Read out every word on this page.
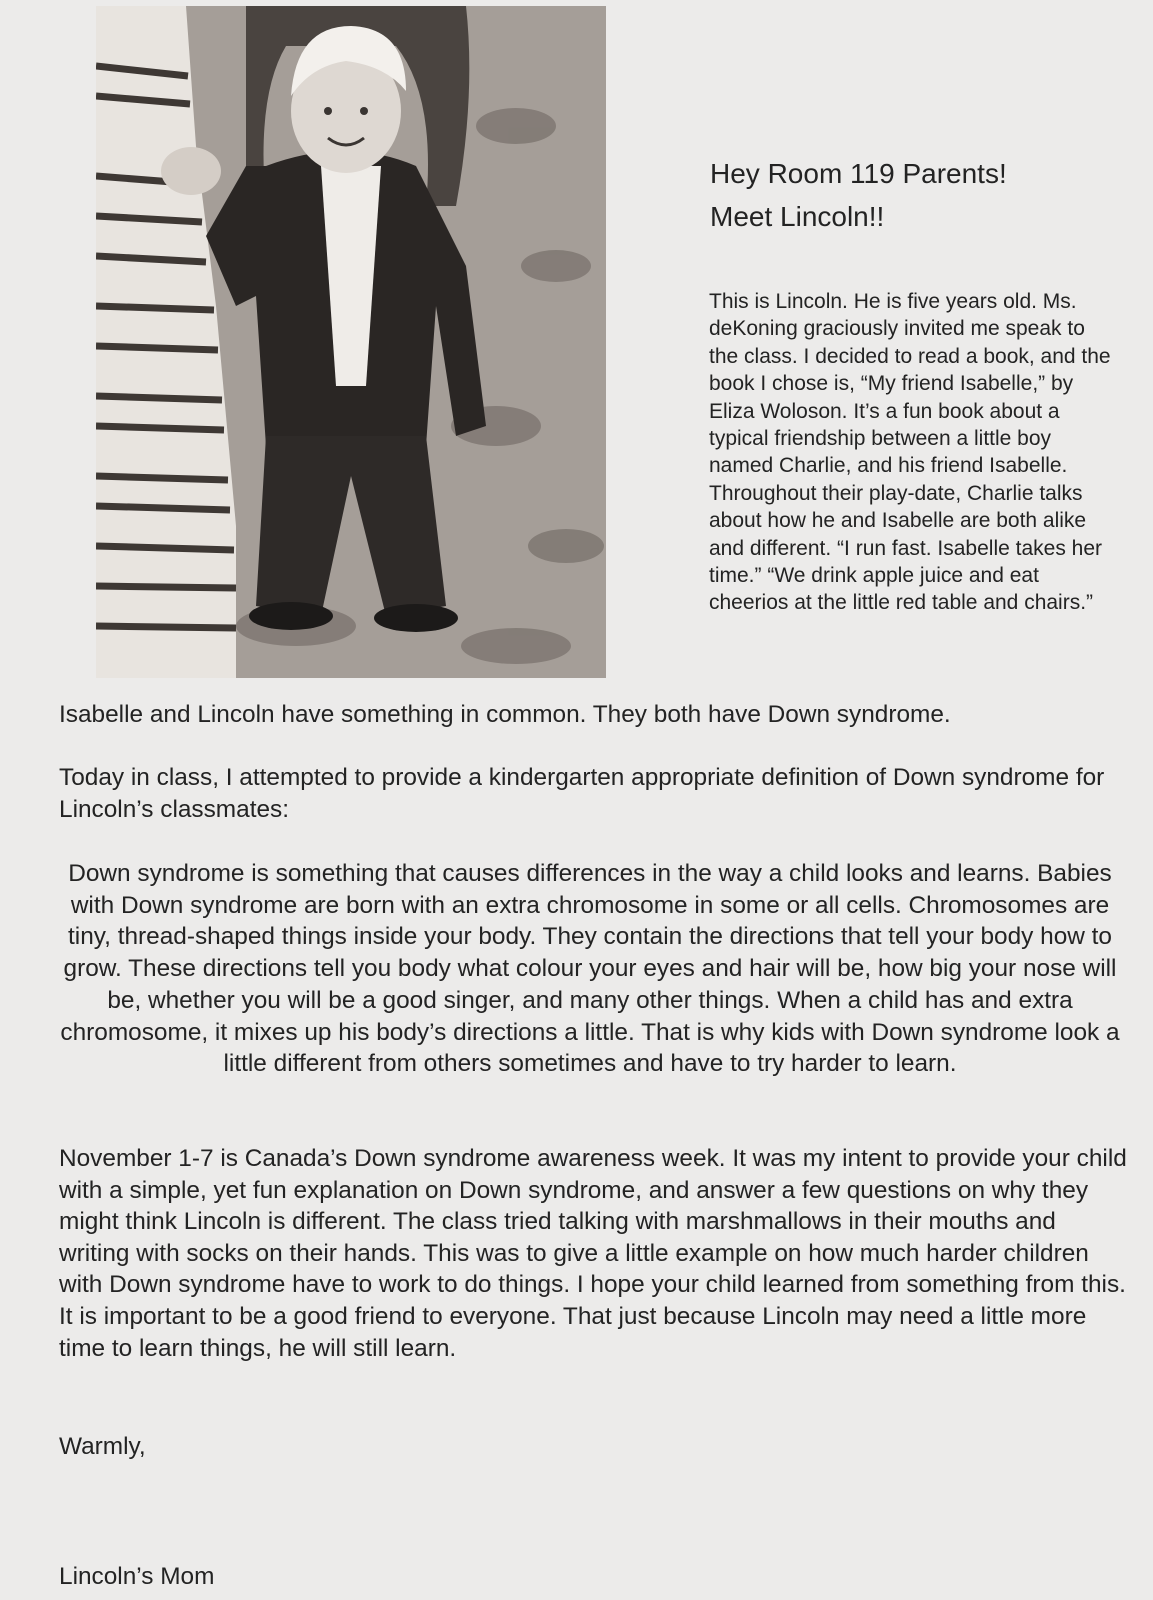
Hey Room 119 Parents!
Meet Lincoln!!

This is Lincoln. He is five years old. Ms. deKoning graciously invited me speak to the class. I decided to read a book, and the book I chose is, “My friend Isabelle,” by Eliza Woloson. It’s a fun book about a typical friendship between a little boy named Charlie, and his friend Isabelle. Throughout their play-date, Charlie talks about how he and Isabelle are both alike and different. “I run fast. Isabelle takes her time.” “We drink apple juice and eat cheerios at the little red table and chairs.”

Isabelle and Lincoln have something in common. They both have Down syndrome.

Today in class, I attempted to provide a kindergarten appropriate definition of Down syndrome for Lincoln’s classmates:

Down syndrome is something that causes differences in the way a child looks and learns. Babies with Down syndrome are born with an extra chromosome in some or all cells. Chromosomes are tiny, thread-shaped things inside your body. They contain the directions that tell your body how to grow. These directions tell you body what colour your eyes and hair will be, how big your nose will be, whether you will be a good singer, and many other things. When a child has and extra chromosome, it mixes up his body’s directions a little. That is why kids with Down syndrome look a little different from others sometimes and have to try harder to learn.

November 1-7 is Canada’s Down syndrome awareness week. It was my intent to provide your child with a simple, yet fun explanation on Down syndrome, and answer a few questions on why they might think Lincoln is different. The class tried talking with marshmallows in their mouths and writing with socks on their hands. This was to give a little example on how much harder children with Down syndrome have to work to do things. I hope your child learned from something from this. It is important to be a good friend to everyone. That just because Lincoln may need a little more time to learn things, he will still learn.

Warmly,

Lincoln’s Mom
